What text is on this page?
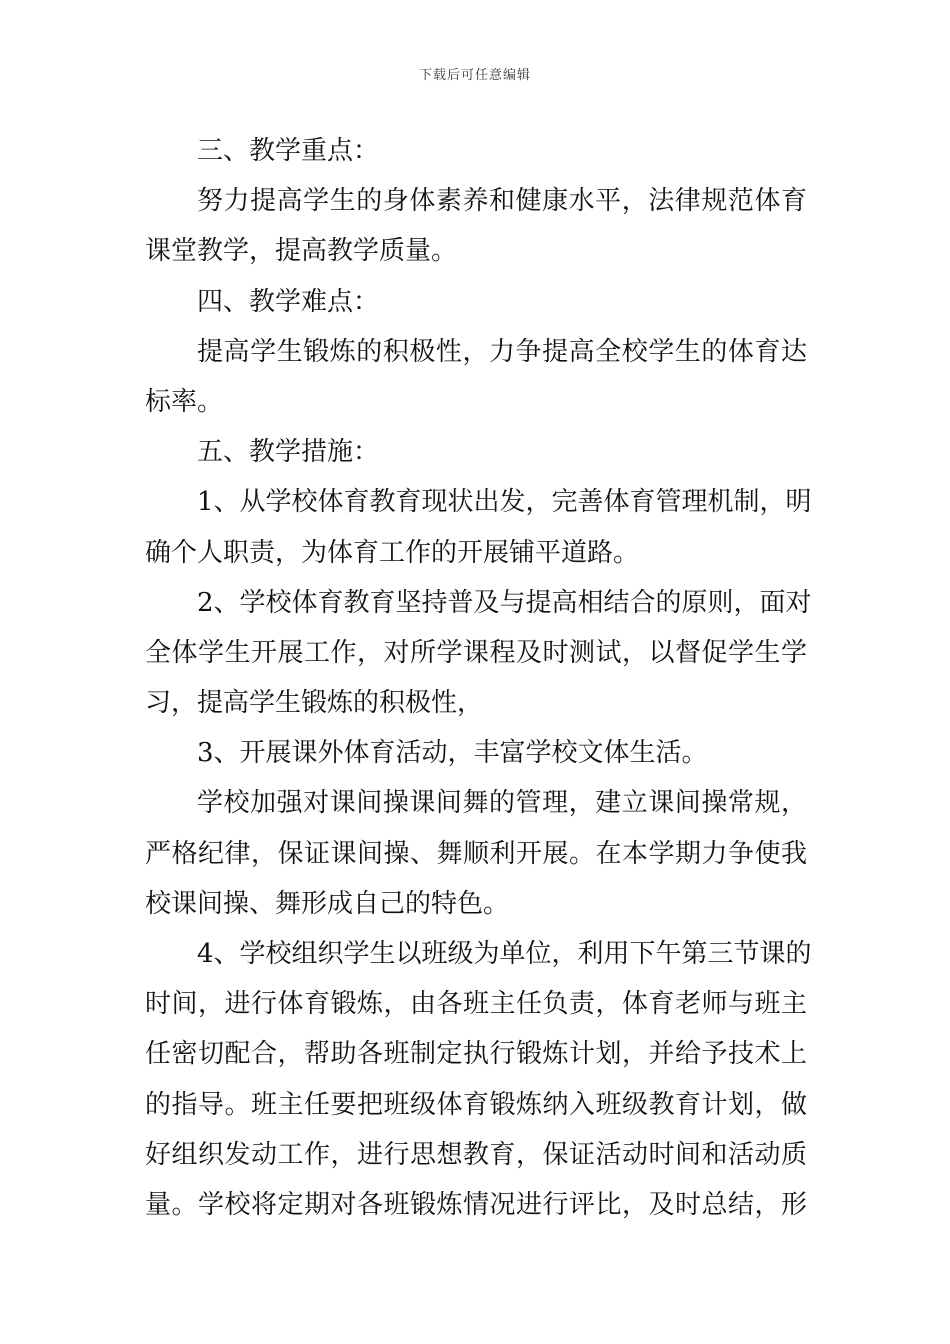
下载后可任意编辑
三、教学重点：
努力提高学生的身体素养和健康水平，法律规范体育
课堂教学，提高教学质量。
四、教学难点：
提高学生锻炼的积极性，力争提高全校学生的体育达
标率。
五、教学措施：
1、从学校体育教育现状出发，完善体育管理机制，明
确个人职责，为体育工作的开展铺平道路。
2、学校体育教育坚持普及与提高相结合的原则，面对
全体学生开展工作，对所学课程及时测试，以督促学生学
习，提高学生锻炼的积极性，
3、开展课外体育活动，丰富学校文体生活。
学校加强对课间操课间舞的管理，建立课间操常规，
严格纪律，保证课间操、舞顺利开展。在本学期力争使我
校课间操、舞形成自己的特色。
4、学校组织学生以班级为单位，利用下午第三节课的
时间，进行体育锻炼，由各班主任负责，体育老师与班主
任密切配合，帮助各班制定执行锻炼计划，并给予技术上
的指导。班主任要把班级体育锻炼纳入班级教育计划，做
好组织发动工作，进行思想教育，保证活动时间和活动质
量。学校将定期对各班锻炼情况进行评比，及时总结，形
